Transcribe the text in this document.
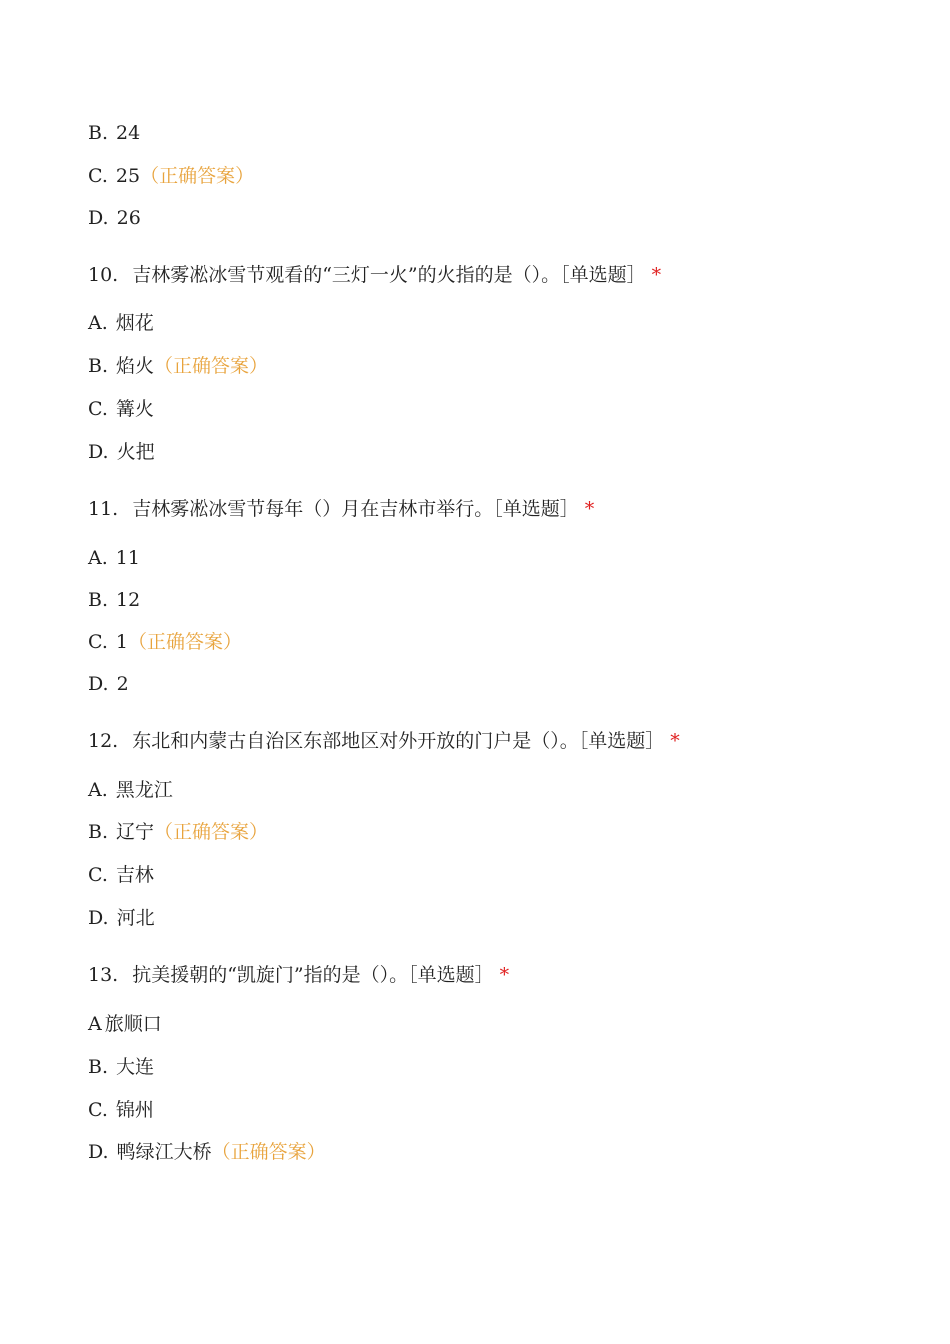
B. 24
C. 25（正确答案）
D. 26
10. 吉林雾凇冰雪节观看的“三灯一火”的火指的是（）。［单选题］ *
A. 烟花
B. 焰火（正确答案）
C. 篝火
D. 火把
11. 吉林雾凇冰雪节每年（）月在吉林市举行。［单选题］ *
A. 11
B. 12
C. 1（正确答案）
D. 2
12. 东北和内蒙古自治区东部地区对外开放的门户是（）。［单选题］ *
A. 黑龙江
B. 辽宁（正确答案）
C. 吉林
D. 河北
13. 抗美援朝的“凯旋门”指的是（）。［单选题］ *
A 旅顺口
B. 大连
C. 锦州
D. 鸭绿江大桥（正确答案）
